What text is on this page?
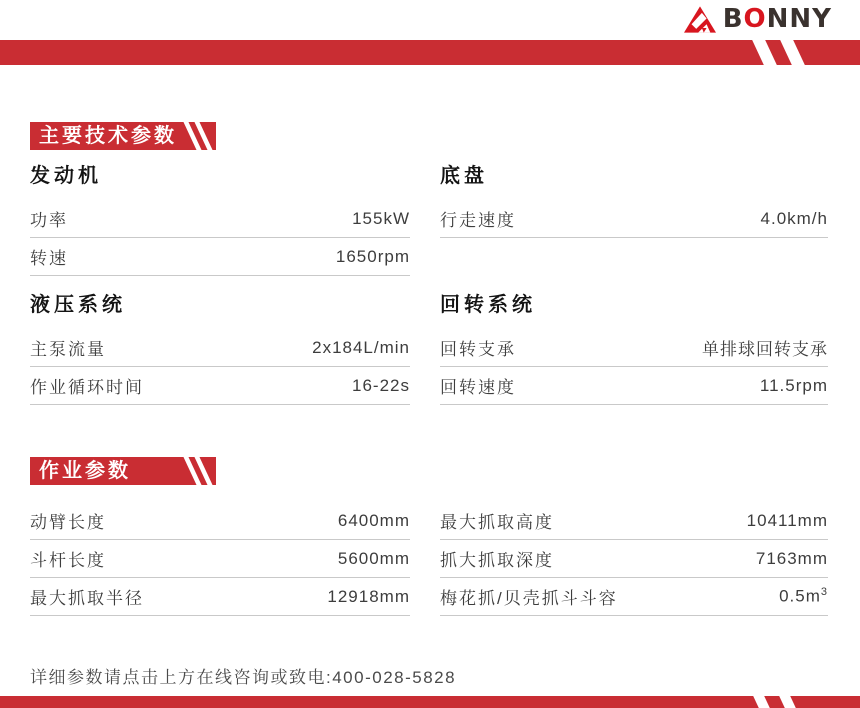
BONNY
主要技术参数
发动机
功率	155kW
转速	1650rpm
底盘
行走速度	4.0km/h
液压系统
主泵流量	2x184L/min
作业循环时间	16-22s
回转系统
回转支承	单排球回转支承
回转速度	11.5rpm
作业参数
动臂长度	6400mm
斗杆长度	5600mm
最大抓取半径	12918mm
最大抓取高度	10411mm
抓大抓取深度	7163mm
梅花抓/贝壳抓斗斗容	$0.5m^3$
详细参数请点击上方在线咨询或致电:400-028-5828
